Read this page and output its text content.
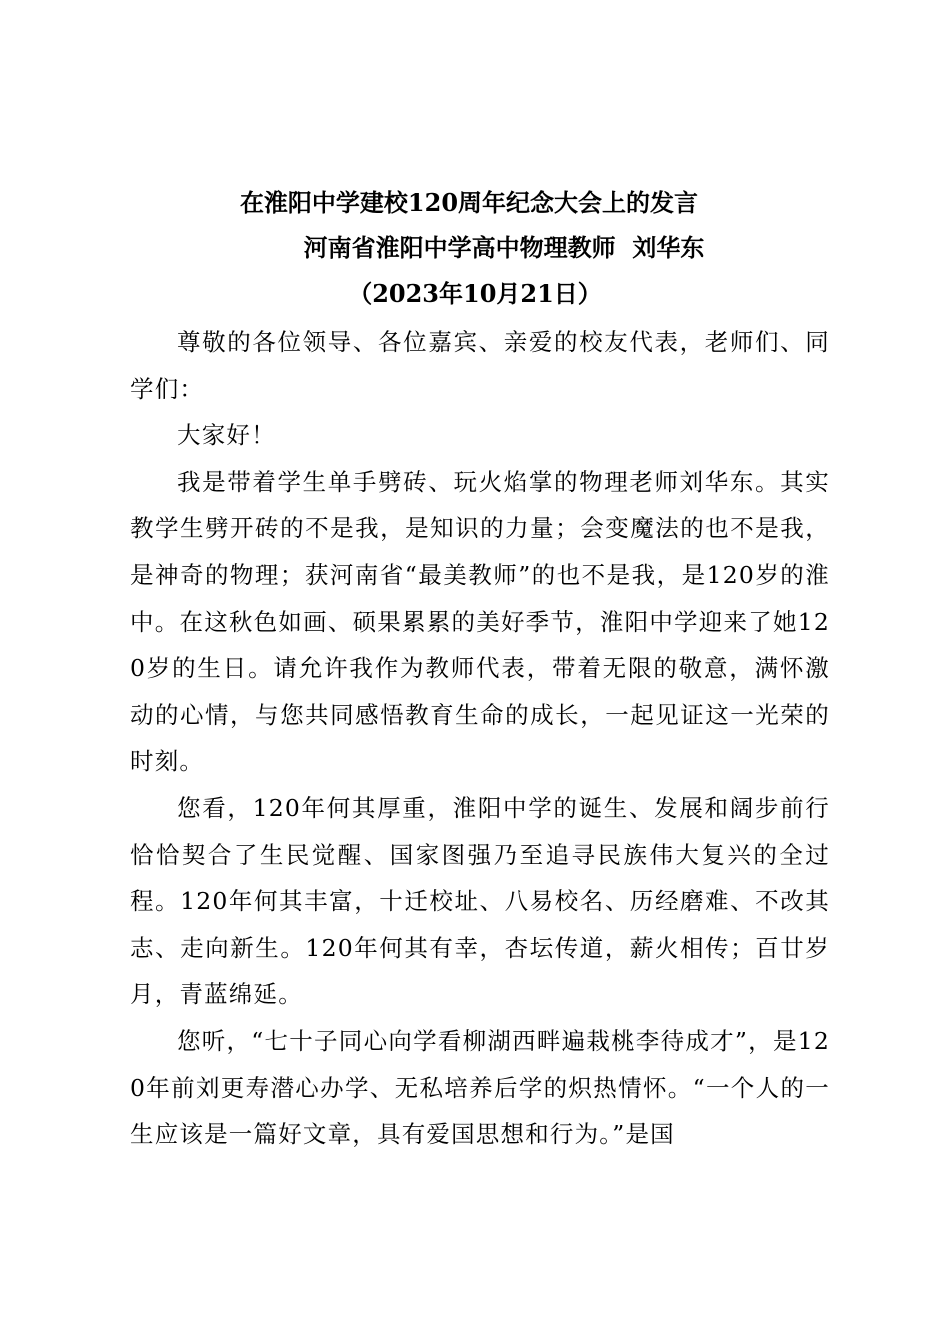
在淮阳中学建校120周年纪念大会上的发言
河南省淮阳中学高中物理教师  刘华东
（2023年10月21日）

尊敬的各位领导、各位嘉宾、亲爱的校友代表，老师们、同学们：

大家好！

我是带着学生单手劈砖、玩火焰掌的物理老师刘华东。其实教学生劈开砖的不是我，是知识的力量；会变魔法的也不是我，是神奇的物理；获河南省“最美教师”的也不是我，是120岁的淮中。在这秋色如画、硕果累累的美好季节，淮阳中学迎来了她120岁的生日。请允许我作为教师代表，带着无限的敬意，满怀激动的心情，与您共同感悟教育生命的成长，一起见证这一光荣的时刻。

您看，120年何其厚重，淮阳中学的诞生、发展和阔步前行恰恰契合了生民觉醒、国家图强乃至追寻民族伟大复兴的全过程。120年何其丰富，十迁校址、八易校名、历经磨难、不改其志、走向新生。120年何其有幸，杏坛传道，薪火相传；百廿岁月，青蓝绵延。

您听，“七十子同心向学看柳湖西畔遍栽桃李待成才”，是120年前刘更寿潜心办学、无私培养后学的炽热情怀。“一个人的一生应该是一篇好文章，具有爱国思想和行为。”是国
